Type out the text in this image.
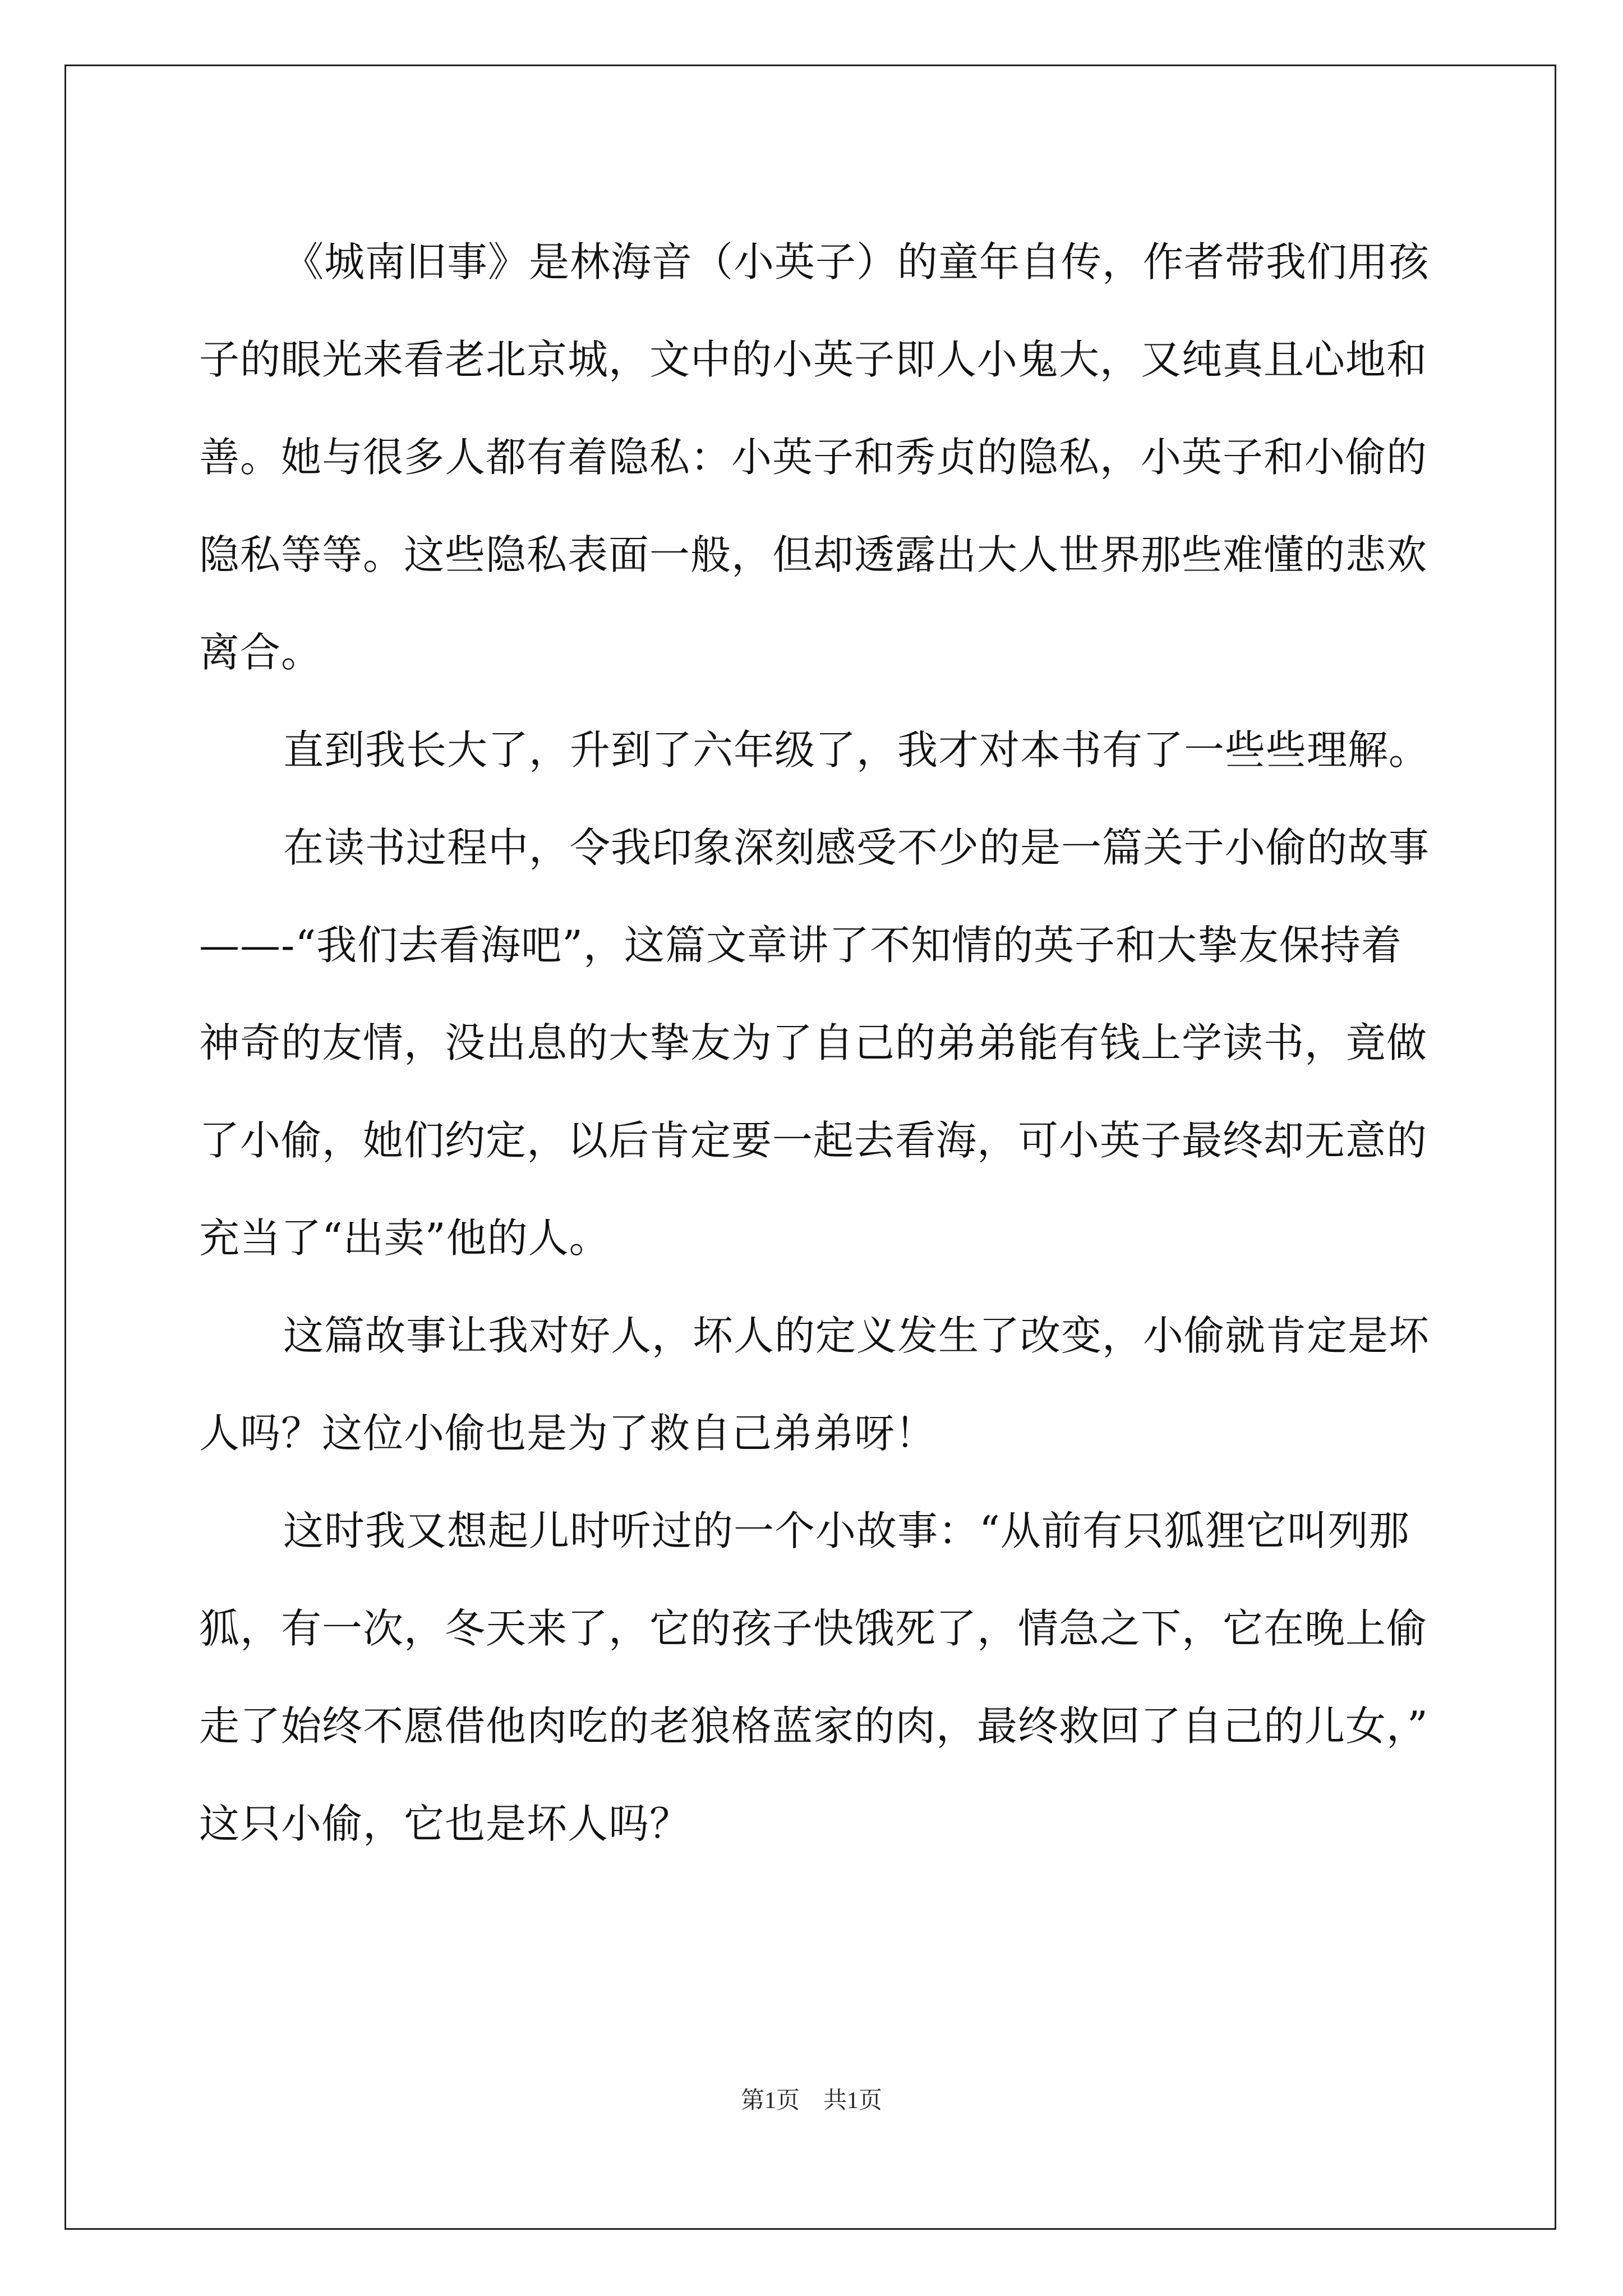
《城南旧事》是林海音（小英子）的童年自传，作者带我们用孩
子的眼光来看老北京城，文中的小英子即人小鬼大，又纯真且心地和
善。她与很多人都有着隐私：小英子和秀贞的隐私，小英子和小偷的
隐私等等。这些隐私表面一般，但却透露出大人世界那些难懂的悲欢
离合。
直到我长大了，升到了六年级了，我才对本书有了一些些理解。
在读书过程中，令我印象深刻感受不少的是一篇关于小偷的故事
——-“我们去看海吧”，这篇文章讲了不知情的英子和大挚友保持着
神奇的友情，没出息的大挚友为了自己的弟弟能有钱上学读书，竟做
了小偷，她们约定，以后肯定要一起去看海，可小英子最终却无意的
充当了“出卖”他的人。
这篇故事让我对好人，坏人的定义发生了改变，小偷就肯定是坏
人吗？这位小偷也是为了救自己弟弟呀！
这时我又想起儿时听过的一个小故事：“从前有只狐狸它叫列那
狐，有一次，冬天来了，它的孩子快饿死了，情急之下，它在晚上偷
走了始终不愿借他肉吃的老狼格蓝家的肉，最终救回了自己的儿女，”
这只小偷，它也是坏人吗？
第1页　共1页
